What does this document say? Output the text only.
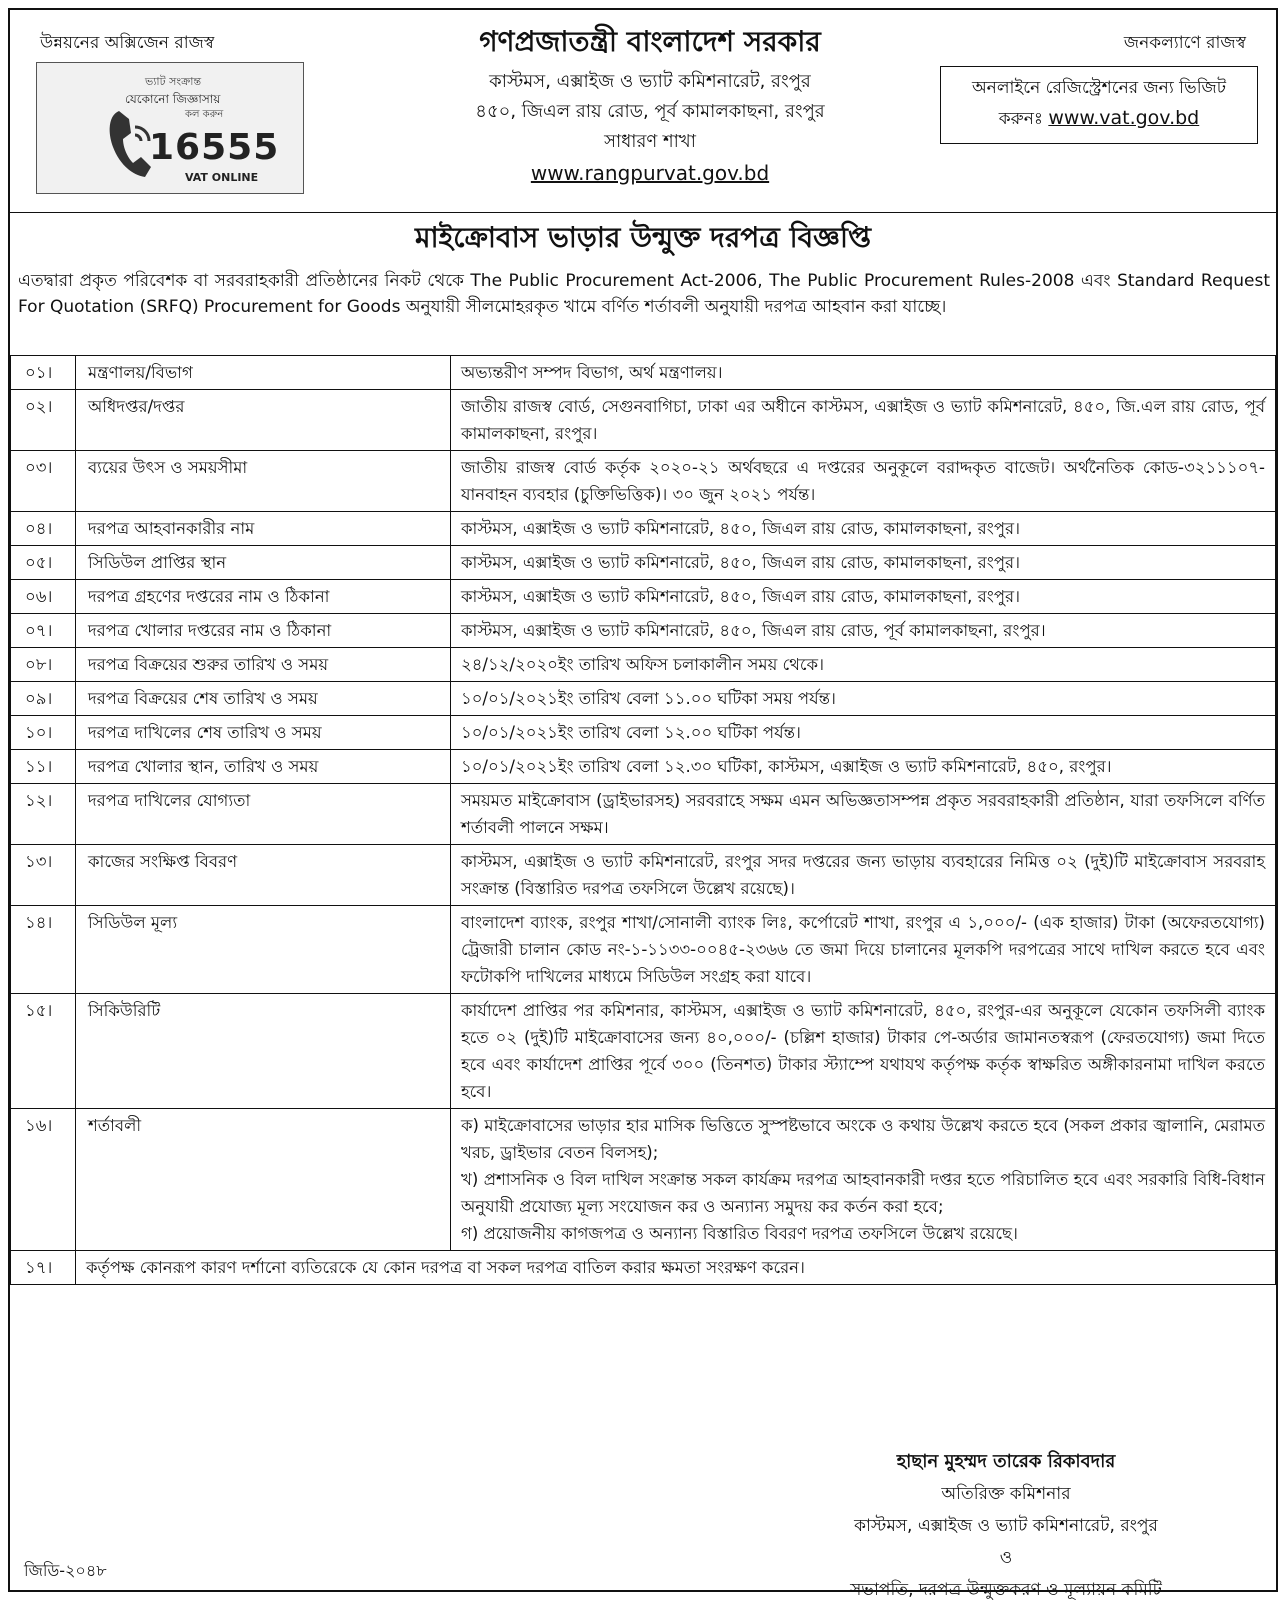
উন্নয়নের অক্সিজেন রাজস্ব
ভ্যাট সংক্রান্ত
যেকোনো জিজ্ঞাসায়
কল করুন
16555
VAT ONLINE
গণপ্রজাতন্ত্রী বাংলাদেশ সরকার
কাস্টমস, এক্সাইজ ও ভ্যাট কমিশনারেট, রংপুর
৪৫০, জিএল রায় রোড, পূর্ব কামালকাছনা, রংপুর
সাধারণ শাখা
www.rangpurvat.gov.bd
জনকল্যাণে রাজস্ব
অনলাইনে রেজিস্ট্রেশনের জন্য ভিজিট
করুনঃ www.vat.gov.bd
মাইক্রোবাস ভাড়ার উন্মুক্ত দরপত্র বিজ্ঞপ্তি
এতদ্বারা প্রকৃত পরিবেশক বা সরবরাহকারী প্রতিষ্ঠানের নিকট থেকে The Public Procurement Act-2006, The Public Procurement Rules-2008 এবং Standard Request For Quotation (SRFQ) Procurement for Goods অনুযায়ী সীলমোহরকৃত খামে বর্ণিত শর্তাবলী অনুযায়ী দরপত্র আহবান করা যাচ্ছে।
০১।	মন্ত্রণালয়/বিভাগ	অভ্যন্তরীণ সম্পদ বিভাগ, অর্থ মন্ত্রণালয়।
০২।	অধিদপ্তর/দপ্তর	জাতীয় রাজস্ব বোর্ড, সেগুনবাগিচা, ঢাকা এর অধীনে কাস্টমস, এক্সাইজ ও ভ্যাট কমিশনারেট, ৪৫০, জি.এল রায় রোড, পূর্ব কামালকাছনা, রংপুর।
০৩।	ব্যয়ের উৎস ও সময়সীমা	জাতীয় রাজস্ব বোর্ড কর্তৃক ২০২০-২১ অর্থবছরে এ দপ্তরের অনুকূলে বরাদ্দকৃত বাজেট। অর্থনৈতিক কোড-৩২১১১০৭-যানবাহন ব্যবহার (চুক্তিভিত্তিক)। ৩০ জুন ২০২১ পর্যন্ত।
০৪।	দরপত্র আহবানকারীর নাম	কাস্টমস, এক্সাইজ ও ভ্যাট কমিশনারেট, ৪৫০, জিএল রায় রোড, কামালকাছনা, রংপুর।
০৫।	সিডিউল প্রাপ্তির স্থান	কাস্টমস, এক্সাইজ ও ভ্যাট কমিশনারেট, ৪৫০, জিএল রায় রোড, কামালকাছনা, রংপুর।
০৬।	দরপত্র গ্রহণের দপ্তরের নাম ও ঠিকানা	কাস্টমস, এক্সাইজ ও ভ্যাট কমিশনারেট, ৪৫০, জিএল রায় রোড, কামালকাছনা, রংপুর।
০৭।	দরপত্র খোলার দপ্তরের নাম ও ঠিকানা	কাস্টমস, এক্সাইজ ও ভ্যাট কমিশনারেট, ৪৫০, জিএল রায় রোড, পূর্ব কামালকাছনা, রংপুর।
০৮।	দরপত্র বিক্রয়ের শুরুর তারিখ ও সময়	২৪/১২/২০২০ইং তারিখ অফিস চলাকালীন সময় থেকে।
০৯।	দরপত্র বিক্রয়ের শেষ তারিখ ও সময়	১০/০১/২০২১ইং তারিখ বেলা ১১.০০ ঘটিকা সময় পর্যন্ত।
১০।	দরপত্র দাখিলের শেষ তারিখ ও সময়	১০/০১/২০২১ইং তারিখ বেলা ১২.০০ ঘটিকা পর্যন্ত।
১১।	দরপত্র খোলার স্থান, তারিখ ও সময়	১০/০১/২০২১ইং তারিখ বেলা ১২.৩০ ঘটিকা, কাস্টমস, এক্সাইজ ও ভ্যাট কমিশনারেট, ৪৫০, রংপুর।
১২।	দরপত্র দাখিলের যোগ্যতা	সময়মত মাইক্রোবাস (ড্রাইভারসহ) সরবরাহে সক্ষম এমন অভিজ্ঞতাসম্পন্ন প্রকৃত সরবরাহকারী প্রতিষ্ঠান, যারা তফসিলে বর্ণিত শর্তাবলী পালনে সক্ষম।
১৩।	কাজের সংক্ষিপ্ত বিবরণ	কাস্টমস, এক্সাইজ ও ভ্যাট কমিশনারেট, রংপুর সদর দপ্তরের জন্য ভাড়ায় ব্যবহারের নিমিত্ত ০২ (দুই)টি মাইক্রোবাস সরবরাহ সংক্রান্ত (বিস্তারিত দরপত্র তফসিলে উল্লেখ রয়েছে)।
১৪।	সিডিউল মূল্য	বাংলাদেশ ব্যাংক, রংপুর শাখা/সোনালী ব্যাংক লিঃ, কর্পোরেট শাখা, রংপুর এ ১,০০০/- (এক হাজার) টাকা (অফেরতযোগ্য) ট্রেজারী চালান কোড নং-১-১১৩৩-০০৪৫-২৩৬৬ তে জমা দিয়ে চালানের মূলকপি দরপত্রের সাথে দাখিল করতে হবে এবং ফটোকপি দাখিলের মাধ্যমে সিডিউল সংগ্রহ করা যাবে।
১৫।	সিকিউরিটি	কার্যাদেশ প্রাপ্তির পর কমিশনার, কাস্টমস, এক্সাইজ ও ভ্যাট কমিশনারেট, ৪৫০, রংপুর-এর অনুকূলে যেকোন তফসিলী ব্যাংক হতে ০২ (দুই)টি মাইক্রোবাসের জন্য ৪০,০০০/- (চল্লিশ হাজার) টাকার পে-অর্ডার জামানতস্বরূপ (ফেরতযোগ্য) জমা দিতে হবে এবং কার্যাদেশ প্রাপ্তির পূর্বে ৩০০ (তিনশত) টাকার স্ট্যাম্পে যথাযথ কর্তৃপক্ষ কর্তৃক স্বাক্ষরিত অঙ্গীকারনামা দাখিল করতে হবে।
১৬।	শর্তাবলী	ক) মাইক্রোবাসের ভাড়ার হার মাসিক ভিত্তিতে সুস্পষ্টভাবে অংকে ও কথায় উল্লেখ করতে হবে (সকল প্রকার জ্বালানি, মেরামত খরচ, ড্রাইভার বেতন বিলসহ);
খ) প্রশাসনিক ও বিল দাখিল সংক্রান্ত সকল কার্যক্রম দরপত্র আহবানকারী দপ্তর হতে পরিচালিত হবে এবং সরকারি বিধি-বিধান অনুযায়ী প্রযোজ্য মূল্য সংযোজন কর ও অন্যান্য সমুদয় কর কর্তন করা হবে;
গ) প্রয়োজনীয় কাগজপত্র ও অন্যান্য বিস্তারিত বিবরণ দরপত্র তফসিলে উল্লেখ রয়েছে।

১৭।	কর্তৃপক্ষ কোনরূপ কারণ দর্শানো ব্যতিরেকে যে কোন দরপত্র বা সকল দরপত্র বাতিল করার ক্ষমতা সংরক্ষণ করেন।	
হাছান মুহম্মদ তারেক রিকাবদার
অতিরিক্ত কমিশনার
কাস্টমস, এক্সাইজ ও ভ্যাট কমিশনারেট, রংপুর
ও
সভাপতি, দরপত্র উন্মুক্তকরণ ও মূল্যায়ন কমিটি
জিডি-২০৪৮
